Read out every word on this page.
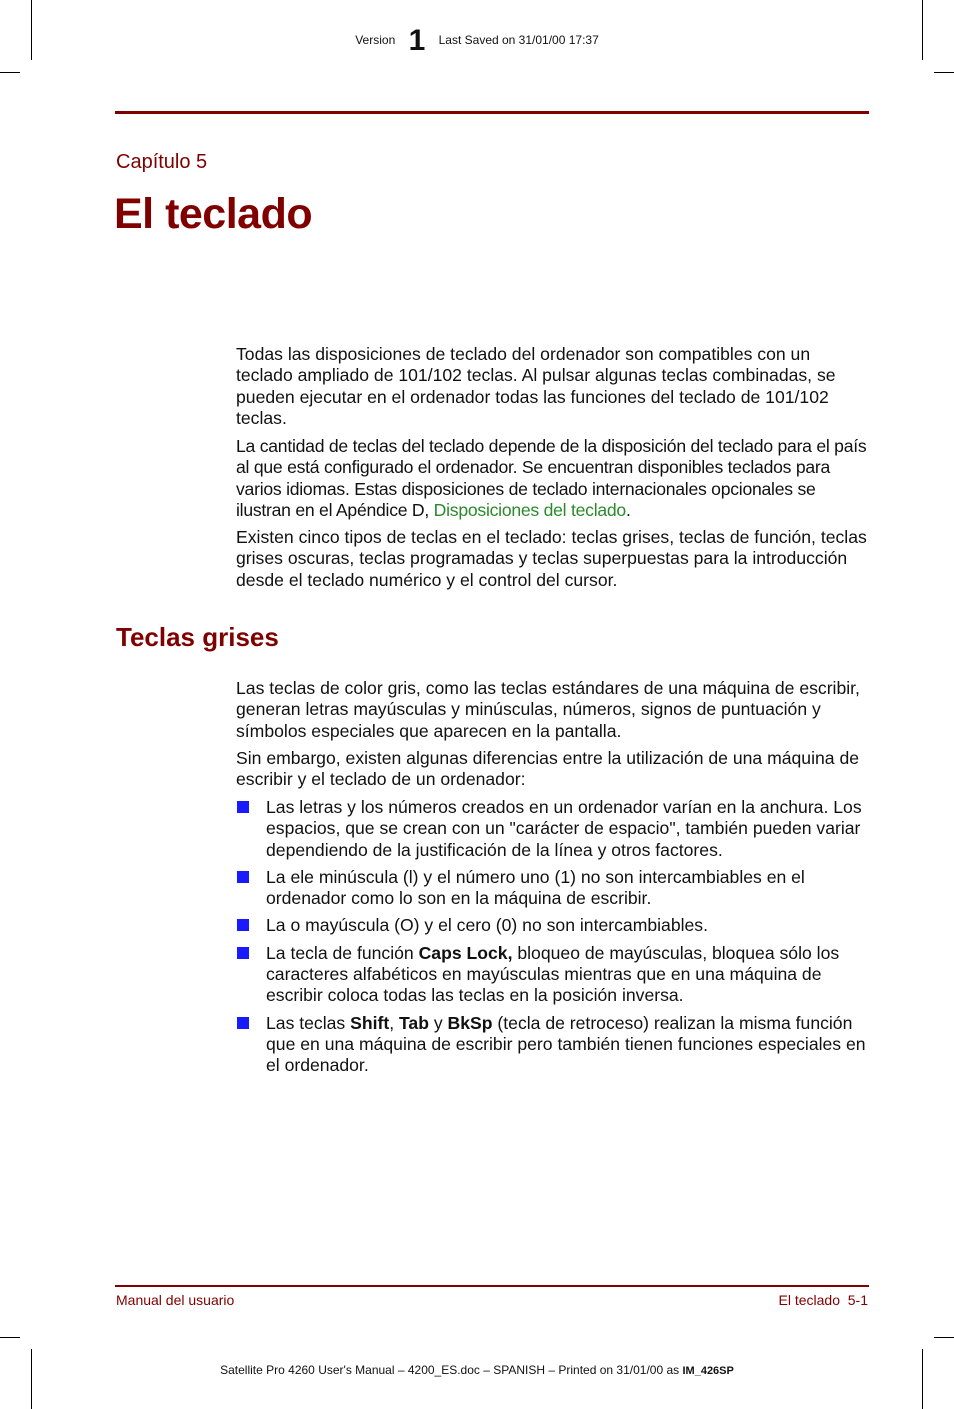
Version 1 Last Saved on 31/01/00 17:37
Capítulo 5
El teclado

Todas las disposiciones de teclado del ordenador son compatibles con un teclado ampliado de 101/102 teclas. Al pulsar algunas teclas combinadas, se pueden ejecutar en el ordenador todas las funciones del teclado de 101/102 teclas.

La cantidad de teclas del teclado depende de la disposición del teclado para el país al que está configurado el ordenador. Se encuentran disponibles teclados para varios idiomas. Estas disposiciones de teclado internacionales opcionales se ilustran en el Apéndice D, Disposiciones del teclado.

Existen cinco tipos de teclas en el teclado: teclas grises, teclas de función, teclas grises oscuras, teclas programadas y teclas superpuestas para la introducción desde el teclado numérico y el control del cursor.

Teclas grises

Las teclas de color gris, como las teclas estándares de una máquina de escribir, generan letras mayúsculas y minúsculas, números, signos de puntuación y símbolos especiales que aparecen en la pantalla.

Sin embargo, existen algunas diferencias entre la utilización de una máquina de escribir y el teclado de un ordenador:

Las letras y los números creados en un ordenador varían en la anchura. Los espacios, que se crean con un "carácter de espacio", también pueden variar dependiendo de la justificación de la línea y otros factores.
La ele minúscula (l) y el número uno (1) no son intercambiables en el ordenador como lo son en la máquina de escribir.
La o mayúscula (O) y el cero (0) no son intercambiables.
La tecla de función Caps Lock, bloqueo de mayúsculas, bloquea sólo los caracteres alfabéticos en mayúsculas mientras que en una máquina de escribir coloca todas las teclas en la posición inversa.
Las teclas Shift, Tab y BkSp (tecla de retroceso) realizan la misma función que en una máquina de escribir pero también tienen funciones especiales en el ordenador.
Manual del usuario	El teclado  5-1
Satellite Pro 4260 User's Manual – 4200_ES.doc – SPANISH – Printed on 31/01/00 as IM_426SP
